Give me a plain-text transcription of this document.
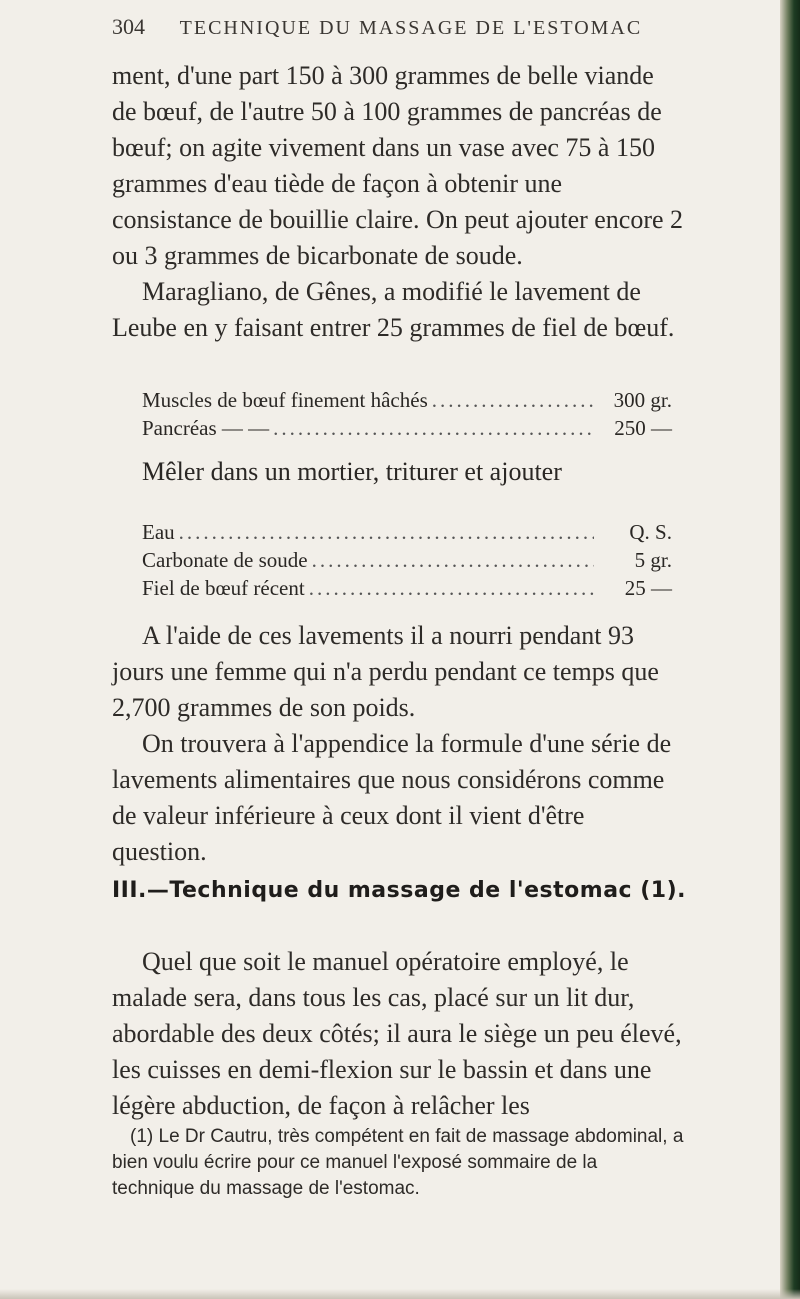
304 TECHNIQUE DU MASSAGE DE L'ESTOMAC
ment, d'une part 150 à 300 grammes de belle viande de bœuf, de l'autre 50 à 100 grammes de pancréas de bœuf; on agite vivement dans un vase avec 75 à 150 grammes d'eau tiède de façon à obtenir une consistance de bouillie claire. On peut ajouter encore 2 ou 3 grammes de bicarbonate de soude.
Maragliano, de Gênes, a modifié le lavement de Leube en y faisant entrer 25 grammes de fiel de bœuf.
Muscles de bœuf finement hâchés .....	300 gr.
Pancréas — — .....	250 —
Mêler dans un mortier, triturer et ajouter
Eau .....	Q. S.
Carbonate de soude .....	5 gr.
Fiel de bœuf récent .....	25 —
A l'aide de ces lavements il a nourri pendant 93 jours une femme qui n'a perdu pendant ce temps que 2,700 grammes de son poids.
On trouvera à l'appendice la formule d'une série de lavements alimentaires que nous considérons comme de valeur inférieure à ceux dont il vient d'être question.
III.—Technique du massage de l'estomac (1).
Quel que soit le manuel opératoire employé, le malade sera, dans tous les cas, placé sur un lit dur, abordable des deux côtés; il aura le siège un peu élevé, les cuisses en demi-flexion sur le bassin et dans une légère abduction, de façon à relâcher les
(1) Le Dr Cautru, très compétent en fait de massage abdominal, a bien voulu écrire pour ce manuel l'exposé sommaire de la technique du massage de l'estomac.
